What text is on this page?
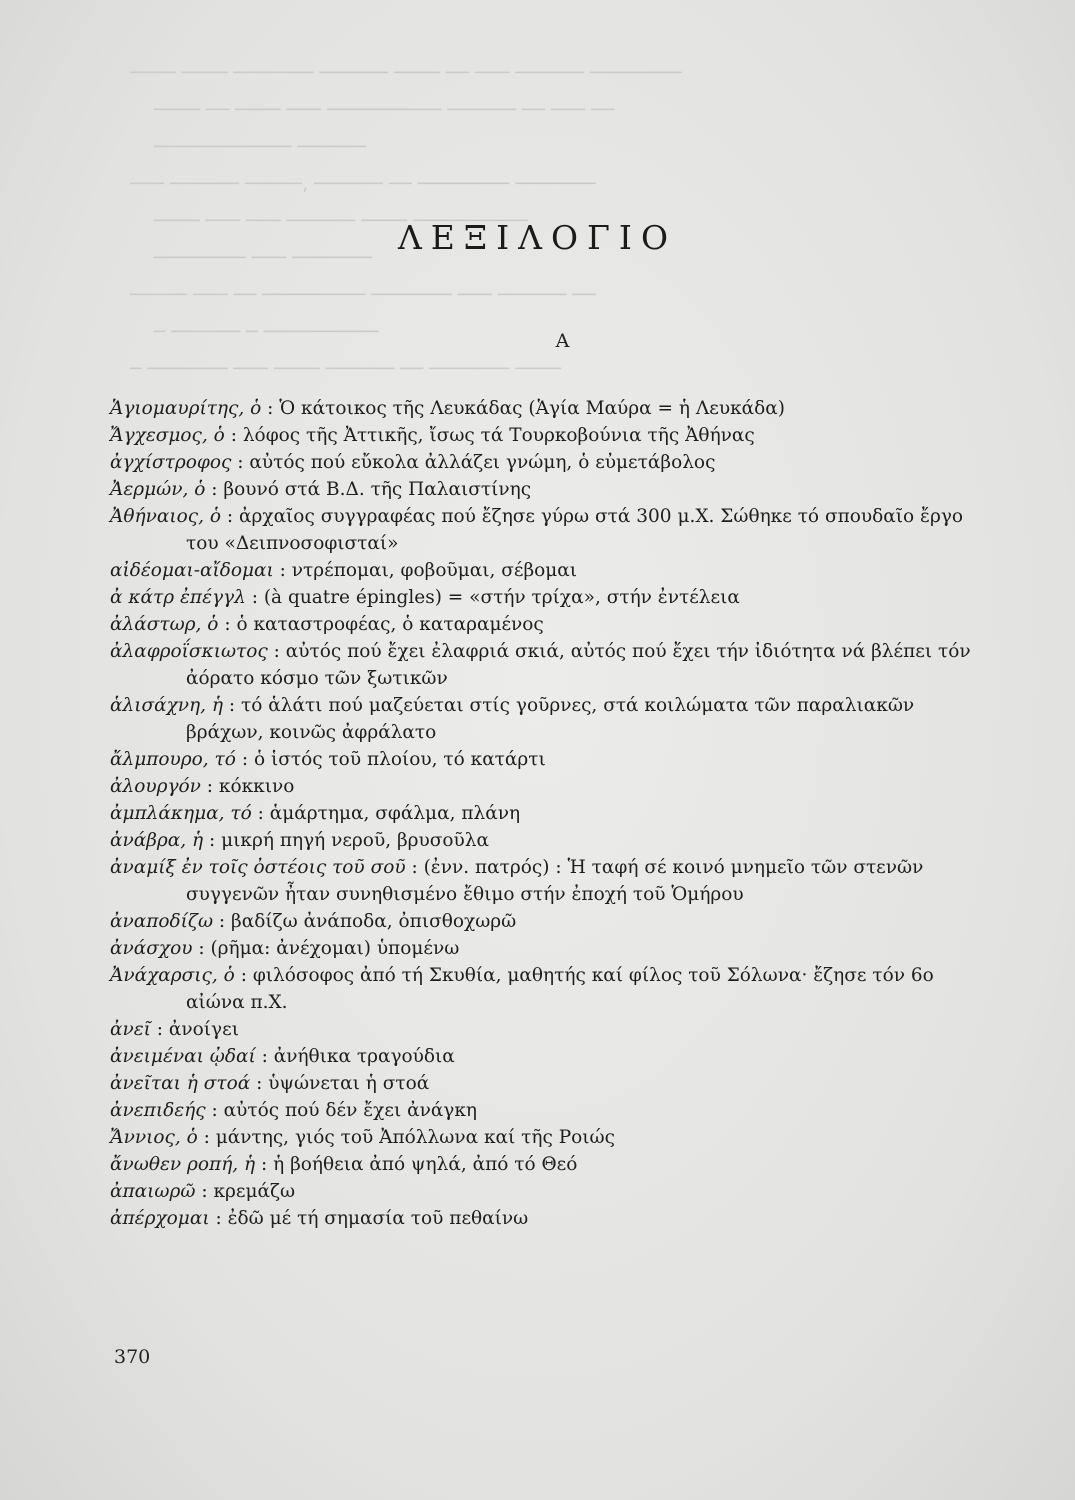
──── ──── ─────── ────── ──── ── ─── ────── ────────
──── ── ──── ─── ────────── ────── ── ─── ──
──────────── ──────
─── ────── ─────, ────── ── ──────── ───────
──── ─── ─── ────── ──── ──────────
──────── ─── ───────
───── ─── ── ───────── ─────── ─── ────── ──
─ ────── ─ ──────────
─ ─────── ─── ──── ────── ── ─────── ────
ΛΕΞΙΛΟΓΙΟ
Α

Ἁγιομαυρίτης, ὁ : Ὁ κάτοικος τῆς Λευκάδας (Ἁγία Μαύρα = ἡ Λευκάδα)

Ἄγχεσμος, ὁ : λόφος τῆς Ἀττικῆς, ἴσως τά Τουρκοβούνια τῆς Ἀθήνας

ἀγχίστροφος : αὐτός πού εὔκολα ἀλλάζει γνώμη, ὁ εὐμετάβολος

Ἀερμών, ὁ : βουνό στά Β.Δ. τῆς Παλαιστίνης

Ἀθήναιος, ὁ : ἀρχαῖος συγγραφέας πού ἔζησε γύρω στά 300 μ.Χ. Σώθηκε τό σπουδαῖο ἔργο του «Δειπνοσοφισταί»

αἰδέομαι-αἴδομαι : ντρέπομαι, φοβοῦμαι, σέβομαι

ἀ κάτρ ἐπέγγλ : (à quatre épingles) = «στήν τρίχα», στήν ἐντέλεια

ἀλάστωρ, ὁ : ὁ καταστροφέας, ὁ καταραμένος

ἀλαφροΐσκιωτος : αὐτός πού ἔχει ἐλαφριά σκιά, αὐτός πού ἔχει τήν ἰδιότητα νά βλέπει τόν ἀόρατο κόσμο τῶν ξωτικῶν

ἁλισάχνη, ἡ : τό ἁλάτι πού μαζεύεται στίς γοῦρνες, στά κοιλώματα τῶν παραλιακῶν βράχων, κοινῶς ἀφράλατο

ἄλμπουρο, τό : ὁ ἱστός τοῦ πλοίου, τό κατάρτι

ἀλουργόν : κόκκινο

ἀμπλάκημα, τό : ἁμάρτημα, σφάλμα, πλάνη

ἀνάβρα, ἡ : μικρή πηγή νεροῦ, βρυσοῦλα

ἀναμίξ ἐν τοῖς ὀστέοις τοῦ σοῦ : (ἐνν. πατρός) : Ἡ ταφή σέ κοινό μνημεῖο τῶν στενῶν συγγενῶν ἦταν συνηθισμένο ἔθιμο στήν ἐποχή τοῦ Ὁμήρου

ἀναποδίζω : βαδίζω ἀνάποδα, ὀπισθοχωρῶ

ἀνάσχου : (ρῆμα: ἀνέχομαι) ὑπομένω

Ἀνάχαρσις, ὁ : φιλόσοφος ἀπό τή Σκυθία, μαθητής καί φίλος τοῦ Σόλωνα· ἔζησε τόν 6ο αἰώνα π.Χ.

ἀνεῖ : ἀνοίγει

ἀνειμέναι ᾠδαί : ἀνήθικα τραγούδια

ἀνεῖται ἡ στοά : ὑψώνεται ἡ στοά

ἀνεπιδεής : αὐτός πού δέν ἔχει ἀνάγκη

Ἄννιος, ὁ : μάντης, γιός τοῦ Ἀπόλλωνα καί τῆς Ροιώς

ἄνωθεν ροπή, ἡ : ἡ βοήθεια ἀπό ψηλά, ἀπό τό Θεό

ἀπαιωρῶ : κρεμάζω

ἀπέρχομαι : ἐδῶ μέ τή σημασία τοῦ πεθαίνω

370
